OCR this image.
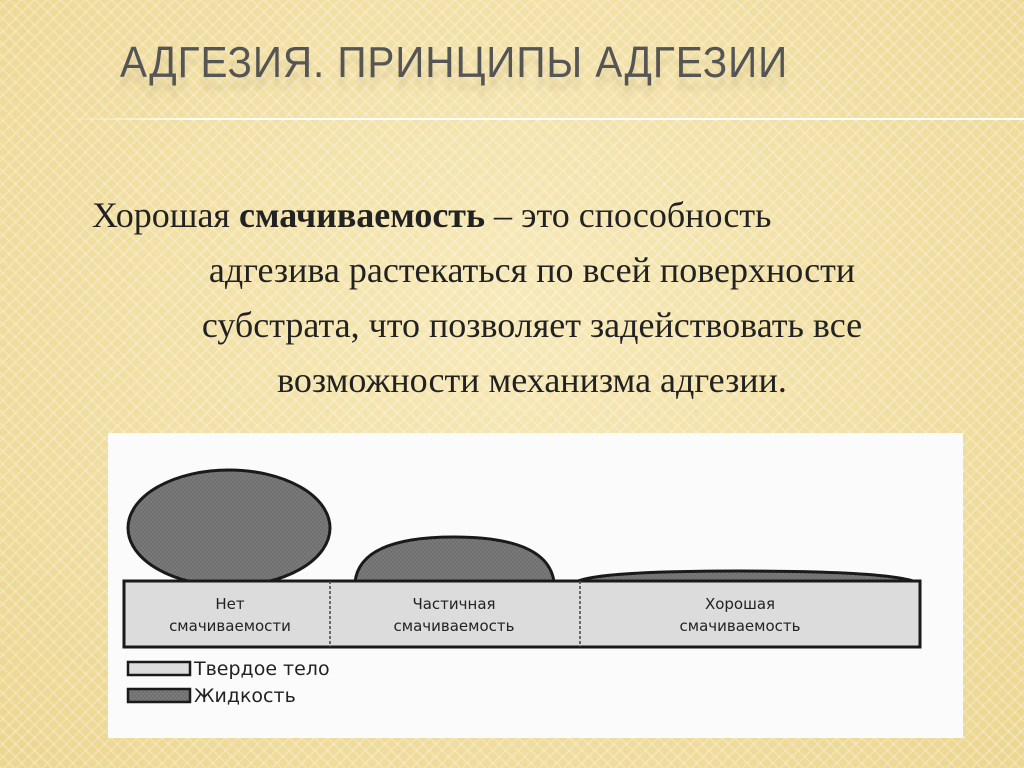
АДГЕЗИЯ. ПРИНЦИПЫ АДГЕЗИИ
Хорошая смачиваемость – это способность
адгезива растекаться по всей поверхности
субстрата, что позволяет задействовать все
возможности механизма адгезии.
Нет
смачиваемости
Частичная
смачиваемость
Хорошая
смачиваемость
Твердое тело
Жидкость
